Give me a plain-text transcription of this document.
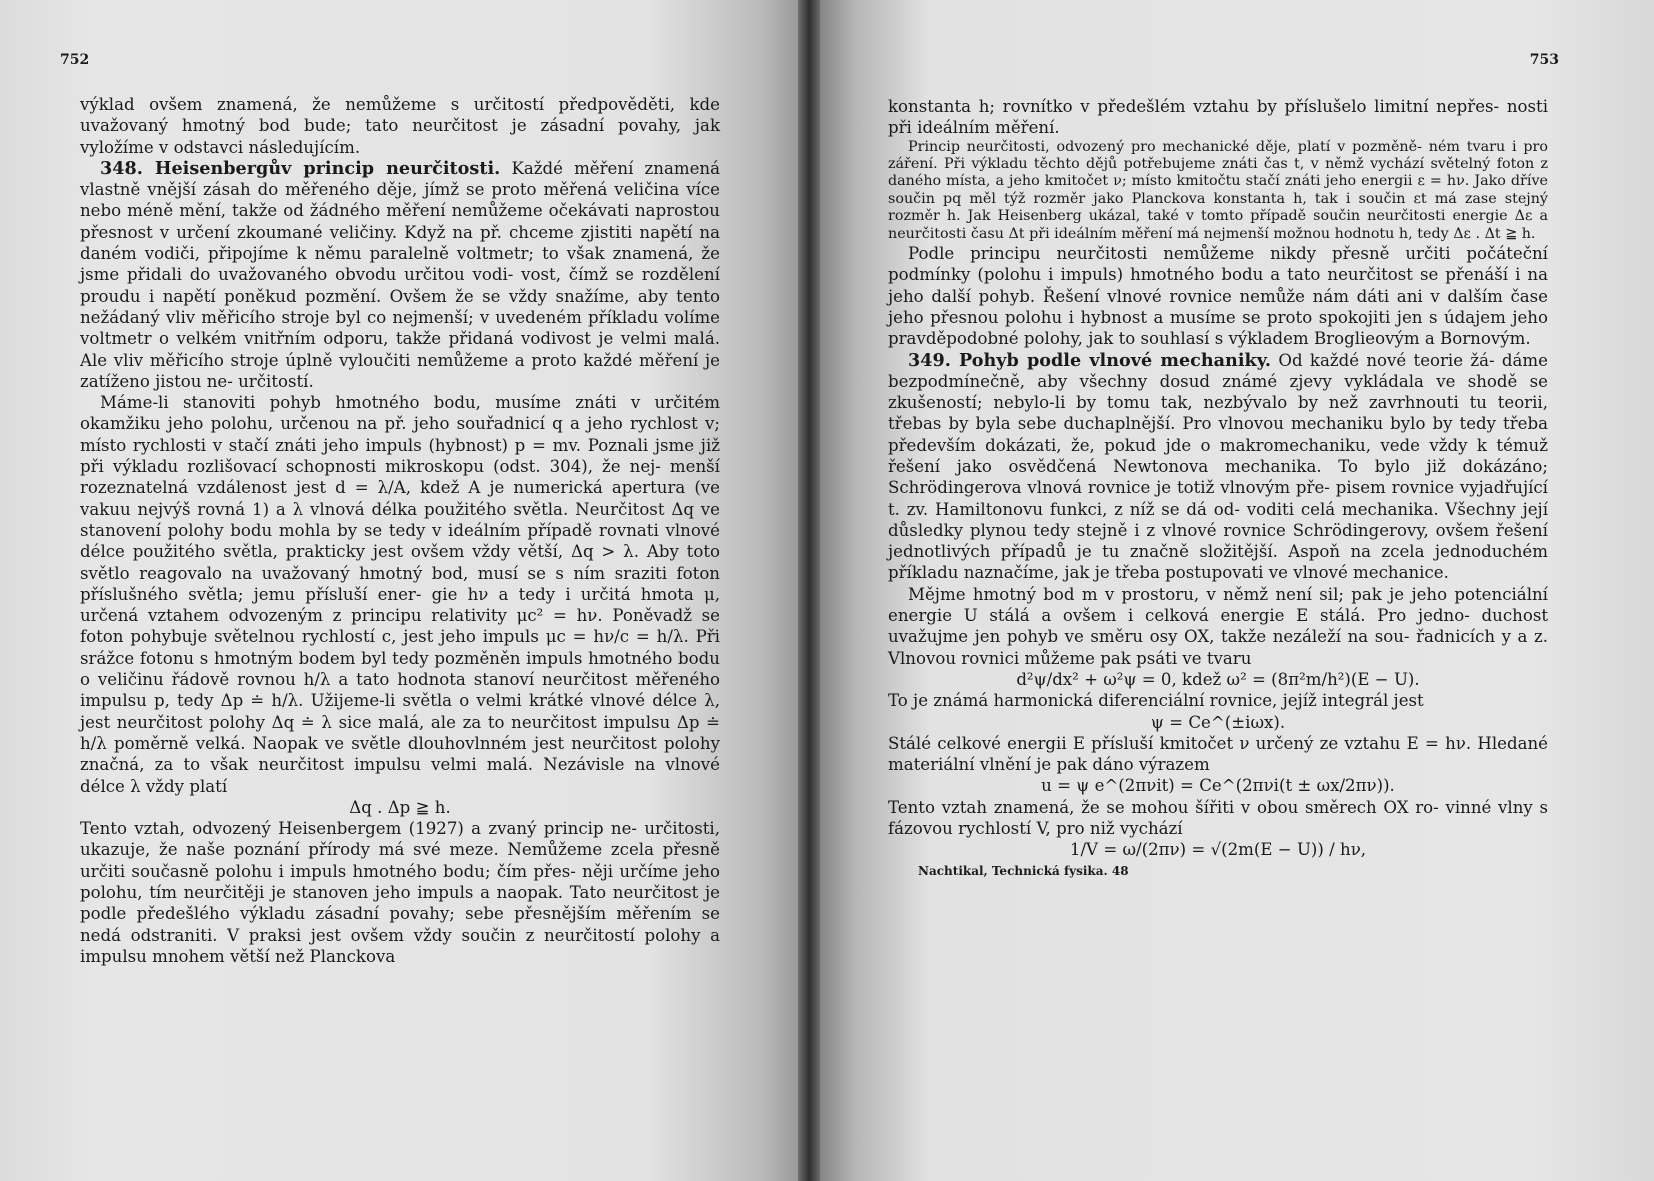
752

výklad ovšem znamená, že nemůžeme s určitostí předpověděti, kde uvažovaný hmotný bod bude; tato neurčitost je zásadní povahy, jak vyložíme v odstavci následujícím.

348. Heisenbergův princip neurčitosti. Každé měření znamená vlastně vnější zásah do měřeného děje, jímž se proto měřená veličina více nebo méně mění, takže od žádného měření nemůžeme očekávati naprostou přesnost v určení zkoumané veličiny. Když na př. chceme zjistiti napětí na daném vodiči, připojíme k němu paralelně voltmetr; to však znamená, že jsme přidali do uvažovaného obvodu určitou vodi- vost, čímž se rozdělení proudu i napětí poněkud pozmění. Ovšem že se vždy snažíme, aby tento nežádaný vliv měřicího stroje byl co nejmenší; v uvedeném příkladu volíme voltmetr o velkém vnitřním odporu, takže přidaná vodivost je velmi malá. Ale vliv měřicího stroje úplně vyloučiti nemůžeme a proto každé měření je zatíženo jistou ne- určitostí.

Máme-li stanoviti pohyb hmotného bodu, musíme znáti v určitém okamžiku jeho polohu, určenou na př. jeho souřadnicí q a jeho rychlost v; místo rychlosti v stačí znáti jeho impuls (hybnost) p = mv. Poznali jsme již při výkladu rozlišovací schopnosti mikroskopu (odst. 304), že nej- menší rozeznatelná vzdálenost jest d = λ/A, kdež A je numerická apertura (ve vakuu nejvýš rovná 1) a λ vlnová délka použitého světla. Neurčitost Δq ve stanovení polohy bodu mohla by se tedy v ideálním případě rovnati vlnové délce použitého světla, prakticky jest ovšem vždy větší, Δq > λ. Aby toto světlo reagovalo na uvažovaný hmotný bod, musí se s ním sraziti foton příslušného světla; jemu přísluší ener- gie hν a tedy i určitá hmota μ, určená vztahem odvozeným z principu relativity μc² = hν. Poněvadž se foton pohybuje světelnou rychlostí c, jest jeho impuls μc = hν/c = h/λ. Při srážce fotonu s hmotným bodem byl tedy pozměněn impuls hmotného bodu o veličinu řádově rovnou h/λ a tato hodnota stanoví neurčitost měřeného impulsu p, tedy Δp ≐ h/λ. Užijeme-li světla o velmi krátké vlnové délce λ, jest neurčitost polohy Δq ≐ λ sice malá, ale za to neurčitost impulsu Δp ≐ h/λ poměrně velká. Naopak ve světle dlouhovlnném jest neurčitost polohy značná, za to však neurčitost impulsu velmi malá. Nezávisle na vlnové délce λ vždy platí

Δq . Δp ≧ h.

Tento vztah, odvozený Heisenbergem (1927) a zvaný princip ne- určitosti, ukazuje, že naše poznání přírody má své meze. Nemůžeme zcela přesně určiti současně polohu i impuls hmotného bodu; čím přes- něji určíme jeho polohu, tím neurčitěji je stanoven jeho impuls a naopak. Tato neurčitost je podle předešlého výkladu zásadní povahy; sebe přesnějším měřením se nedá odstraniti. V praksi jest ovšem vždy součin z neurčitostí polohy a impulsu mnohem větší než Planckova

753

konstanta h; rovnítko v předešlém vztahu by příslušelo limitní nepřes- nosti při ideálním měření.

Princip neurčitosti, odvozený pro mechanické děje, platí v pozměně- ném tvaru i pro záření. Při výkladu těchto dějů potřebujeme znáti čas t, v němž vychází světelný foton z daného místa, a jeho kmitočet ν; místo kmitočtu stačí znáti jeho energii ε = hν. Jako dříve součin pq měl týž rozměr jako Planckova konstanta h, tak i součin εt má zase stejný rozměr h. Jak Heisenberg ukázal, také v tomto případě součin neurčitosti energie Δε a neurčitosti času Δt při ideálním měření má nejmenší možnou hodnotu h, tedy Δε . Δt ≧ h.

Podle principu neurčitosti nemůžeme nikdy přesně určiti počáteční podmínky (polohu i impuls) hmotného bodu a tato neurčitost se přenáší i na jeho další pohyb. Řešení vlnové rovnice nemůže nám dáti ani v dalším čase jeho přesnou polohu i hybnost a musíme se proto spokojiti jen s údajem jeho pravděpodobné polohy, jak to souhlasí s výkladem Broglieovým a Bornovým.

349. Pohyb podle vlnové mechaniky. Od každé nové teorie žá- dáme bezpodmínečně, aby všechny dosud známé zjevy vykládala ve shodě se zkušeností; nebylo-li by tomu tak, nezbývalo by než zavrhnouti tu teorii, třebas by byla sebe duchaplnější. Pro vlnovou mechaniku bylo by tedy třeba především dokázati, že, pokud jde o makromechaniku, vede vždy k témuž řešení jako osvědčená Newtonova mechanika. To bylo již dokázáno; Schrödingerova vlnová rovnice je totiž vlnovým pře- pisem rovnice vyjadřující t. zv. Hamiltonovu funkci, z níž se dá od- voditi celá mechanika. Všechny její důsledky plynou tedy stejně i z vlnové rovnice Schrödingerovy, ovšem řešení jednotlivých případů je tu značně složitější. Aspoň na zcela jednoduchém příkladu naznačíme, jak je třeba postupovati ve vlnové mechanice.

Mějme hmotný bod m v prostoru, v němž není sil; pak je jeho potenciální energie U stálá a ovšem i celková energie E stálá. Pro jedno- duchost uvažujme jen pohyb ve směru osy OX, takže nezáleží na sou- řadnicích y a z. Vlnovou rovnici můžeme pak psáti ve tvaru

d²ψ/dx² + ω²ψ = 0, kdež ω² = (8π²m/h²)(E − U).

To je známá harmonická diferenciální rovnice, jejíž integrál jest

ψ = Ce^(±iωx).

Stálé celkové energii E přísluší kmitočet ν určený ze vztahu E = hν. Hledané materiální vlnění je pak dáno výrazem

u = ψ e^(2πνit) = Ce^(2πνi(t ± ωx/2πν)).

Tento vztah znamená, že se mohou šířiti v obou směrech OX ro- vinné vlny s fázovou rychlostí V, pro niž vychází

1/V = ω/(2πν) = √(2m(E − U)) / hν,

Nachtikal, Technická fysika. 48
